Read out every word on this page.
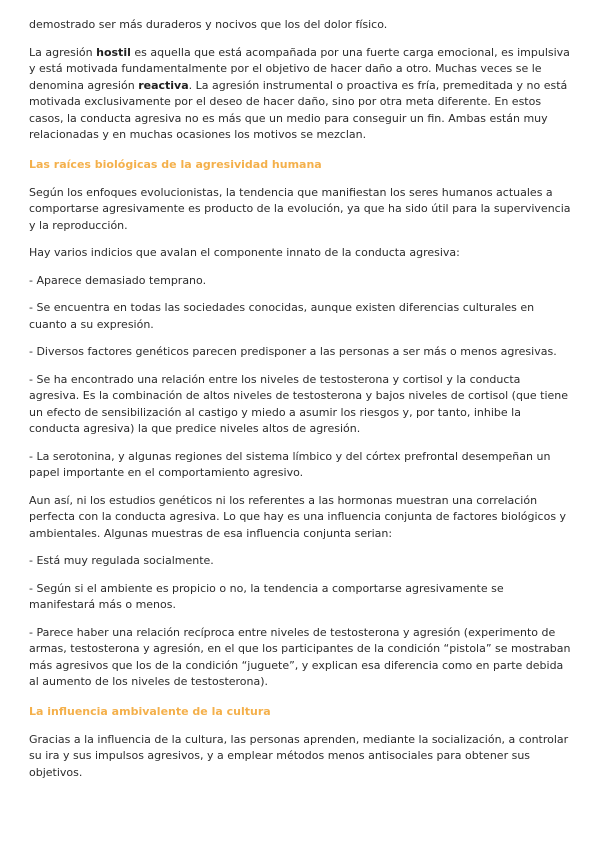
demostrado ser más duraderos y nocivos que los del dolor físico.

La agresión hostil es aquella que está acompañada por una fuerte carga emocional, es impulsiva y está motivada fundamentalmente por el objetivo de hacer daño a otro. Muchas veces se le denomina agresión reactiva. La agresión instrumental o proactiva es fría, premeditada y no está motivada exclusivamente por el deseo de hacer daño, sino por otra meta diferente. En estos casos, la conducta agresiva no es más que un medio para conseguir un fin. Ambas están muy relacionadas y en muchas ocasiones los motivos se mezclan.

Las raíces biológicas de la agresividad humana

Según los enfoques evolucionistas, la tendencia que manifiestan los seres humanos actuales a comportarse agresivamente es producto de la evolución, ya que ha sido útil para la supervivencia y la reproducción.

Hay varios indicios que avalan el componente innato de la conducta agresiva:

- Aparece demasiado temprano.

- Se encuentra en todas las sociedades conocidas, aunque existen diferencias culturales en cuanto a su expresión.

- Diversos factores genéticos parecen predisponer a las personas a ser más o menos agresivas.

- Se ha encontrado una relación entre los niveles de testosterona y cortisol y la conducta agresiva. Es la combinación de altos niveles de testosterona y bajos niveles de cortisol (que tiene un efecto de sensibilización al castigo y miedo a asumir los riesgos y, por tanto, inhibe la conducta agresiva) la que predice niveles altos de agresión.

- La serotonina, y algunas regiones del sistema límbico y del córtex prefrontal desempeñan un papel importante en el comportamiento agresivo.

Aun así, ni los estudios genéticos ni los referentes a las hormonas muestran una correlación perfecta con la conducta agresiva. Lo que hay es una influencia conjunta de factores biológicos y ambientales. Algunas muestras de esa influencia conjunta serian:

- Está muy regulada socialmente.

- Según si el ambiente es propicio o no, la tendencia a comportarse agresivamente se manifestará más o menos.

- Parece haber una relación recíproca entre niveles de testosterona y agresión (experimento de armas, testosterona y agresión, en el que los participantes de la condición “pistola” se mostraban más agresivos que los de la condición “juguete”, y explican esa diferencia como en parte debida al aumento de los niveles de testosterona).

La influencia ambivalente de la cultura

Gracias a la influencia de la cultura, las personas aprenden, mediante la socialización, a controlar su ira y sus impulsos agresivos, y a emplear métodos menos antisociales para obtener sus objetivos.
